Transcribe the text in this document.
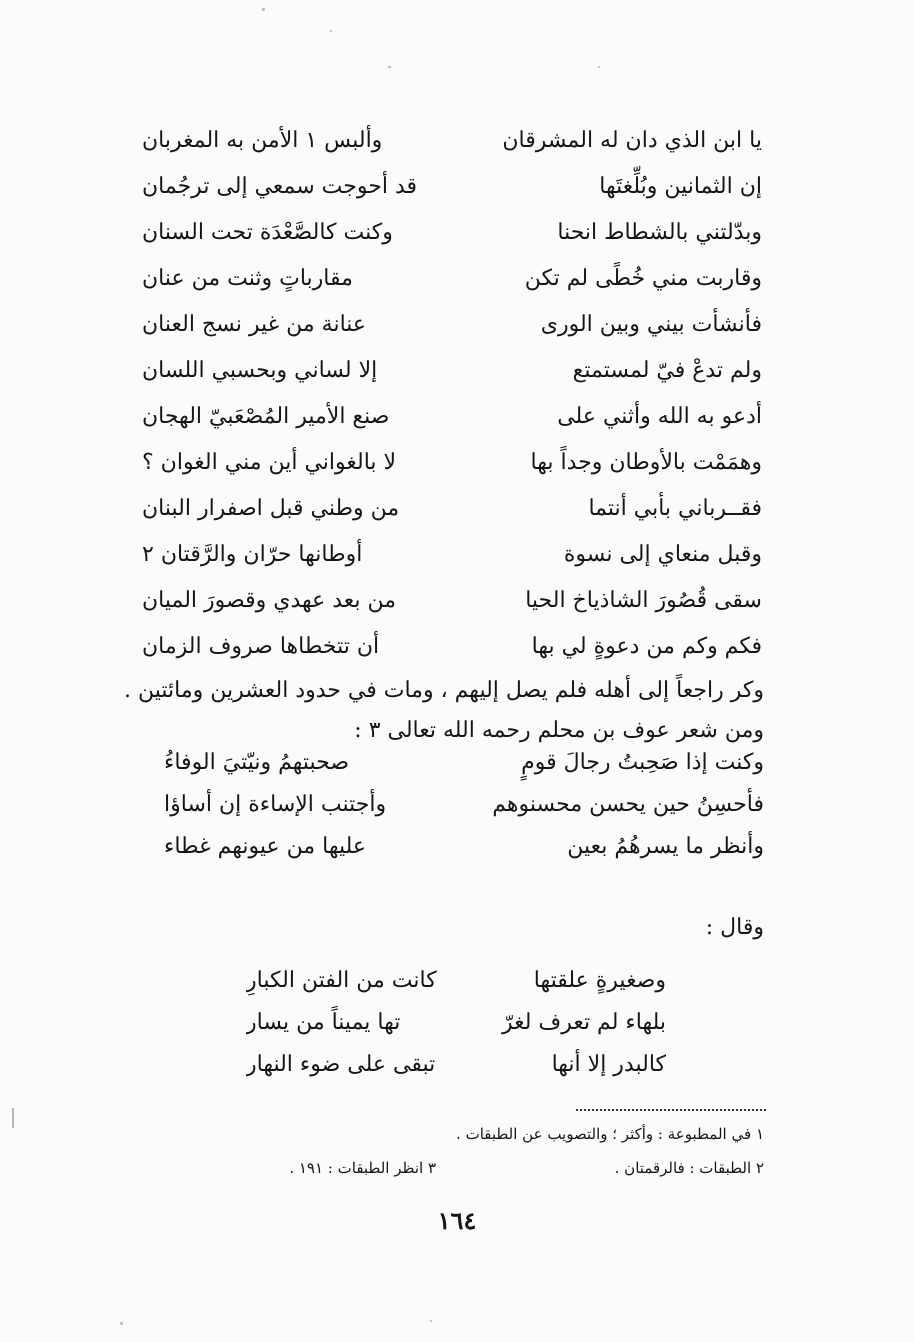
يا ابن الذي دان له المشرقان
وألبس ١ الأمن به المغربان
إن الثمانين وبُلِّغتَها
قد أحوجت سمعي إلى ترجُمان
وبدّلتني بالشطاط انحنا
وكنت كالصَّعْدَة تحت السنان
وقاربت مني خُطًى لم تكن
مقارباتٍ وثنت من عنان
فأنشأت بيني وبين الورى
عنانة من غير نسج العنان
ولم تدعْ فيّ لمستمتع
إلا لساني وبحسبي اللسان
أدعو به الله وأثني على
صنع الأمير المُصْعَبيّ الهجان
وهمَمْت بالأوطان وجداً بها
لا بالغواني أين مني الغوان ؟
فقــرباني بأبي أنتما
من وطني قبل اصفرار البنان
وقبل منعاي إلى نسوة
أوطانها حرّان والرَّقتان ٢
سقى قُصُورَ الشاذياخ الحيا
من بعد عهدي وقصورَ الميان
فكم وكم من دعوةٍ لي بها
أن تتخطاها صروف الزمان
وكر راجعاً إلى أهله فلم يصل إليهم ، ومات في حدود العشرين ومائتين .
ومن شعر عوف بن محلم رحمه الله تعالى ٣ :
وكنت إذا صَحِبتُ رجالَ قومٍ
صحبتهمُ ونيّتيَ الوفاءُ
فأحسِنُ حين يحسن محسنوهم
وأجتنب الإساءة إن أساؤا
وأنظر ما يسرهُمُ بعين
عليها من عيونهم غطاء
وقال :
وصغيرةٍ علقتها
كانت من الفتن الكبارِ
بلهاء لم تعرف لغرّ
تها يميناً من يسار
كالبدر إلا أنها
تبقى على ضوء النهار
١ في المطبوعة : وأكثر ؛ والتصويب عن الطبقات .
٢ الطبقات : فالرقمتان .
٣ انظر الطبقات : ١٩١ .
١٦٤
